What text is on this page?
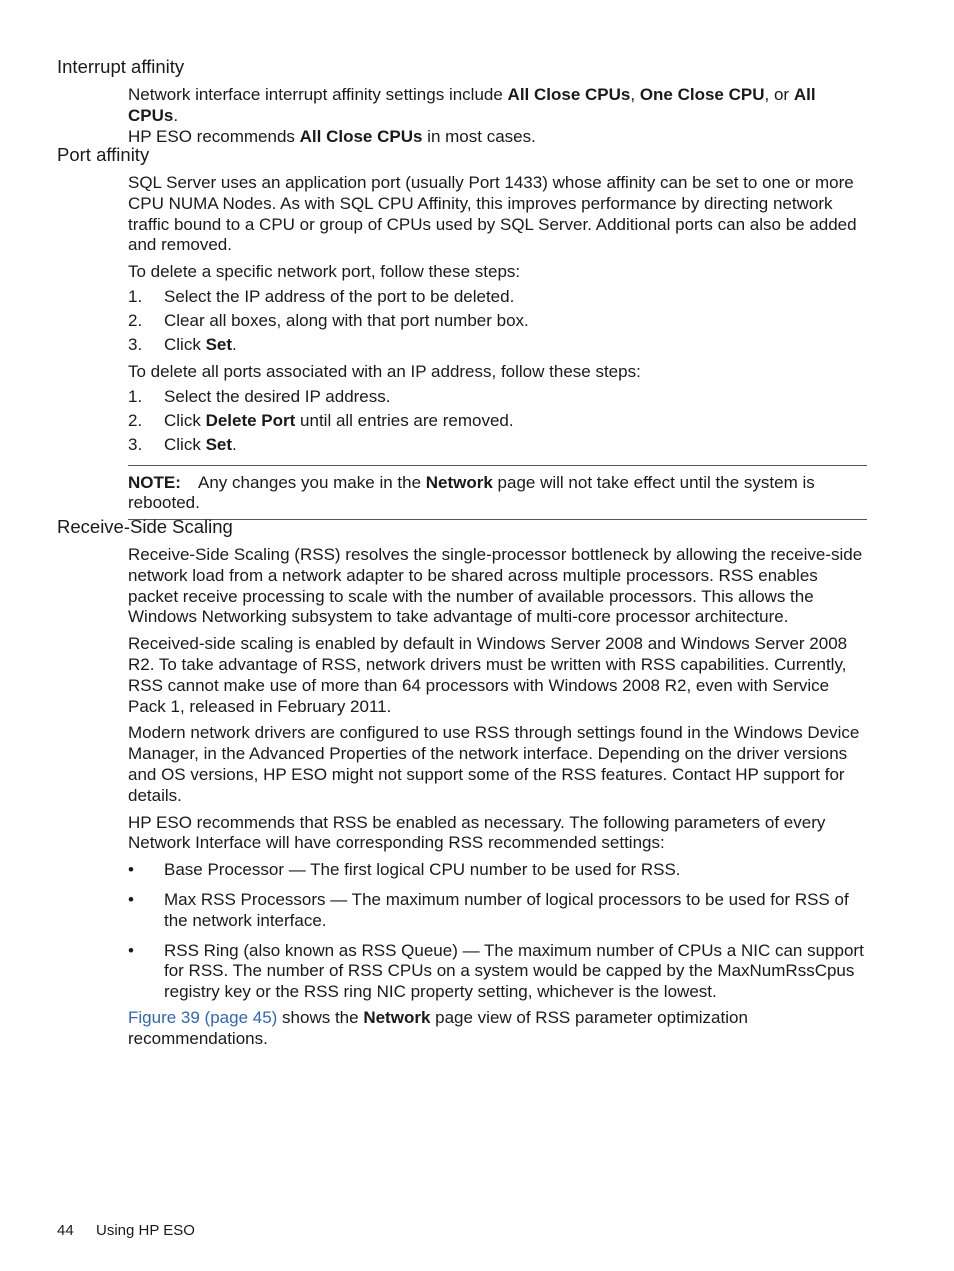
Interrupt affinity

Network interface interrupt affinity settings include All Close CPUs, One Close CPU, or All CPUs.
HP ESO recommends All Close CPUs in most cases.

Port affinity

SQL Server uses an application port (usually Port 1433) whose affinity can be set to one or more CPU NUMA Nodes. As with SQL CPU Affinity, this improves performance by directing network traffic bound to a CPU or group of CPUs used by SQL Server. Additional ports can also be added and removed.

To delete a specific network port, follow these steps:

1. Select the IP address of the port to be deleted.
2. Clear all boxes, along with that port number box.
3. Click Set.

To delete all ports associated with an IP address, follow these steps:

1. Select the desired IP address.
2. Click Delete Port until all entries are removed.
3. Click Set.
NOTE: Any changes you make in the Network page will not take effect until the system is rebooted.
Receive-Side Scaling

Receive-Side Scaling (RSS) resolves the single-processor bottleneck by allowing the receive-side network load from a network adapter to be shared across multiple processors. RSS enables packet receive processing to scale with the number of available processors. This allows the Windows Networking subsystem to take advantage of multi-core processor architecture.

Received-side scaling is enabled by default in Windows Server 2008 and Windows Server 2008 R2. To take advantage of RSS, network drivers must be written with RSS capabilities. Currently, RSS cannot make use of more than 64 processors with Windows 2008 R2, even with Service Pack 1, released in February 2011.

Modern network drivers are configured to use RSS through settings found in the Windows Device Manager, in the Advanced Properties of the network interface. Depending on the driver versions and OS versions, HP ESO might not support some of the RSS features. Contact HP support for details.

HP ESO recommends that RSS be enabled as necessary. The following parameters of every Network Interface will have corresponding RSS recommended settings:

• Base Processor — The first logical CPU number to be used for RSS.
• Max RSS Processors — The maximum number of logical processors to be used for RSS of the network interface.
• RSS Ring (also known as RSS Queue) — The maximum number of CPUs a NIC can support for RSS. The number of RSS CPUs on a system would be capped by the MaxNumRssCpus registry key or the RSS ring NIC property setting, whichever is the lowest.

Figure 39 (page 45) shows the Network page view of RSS parameter optimization recommendations.

44 Using HP ESO
